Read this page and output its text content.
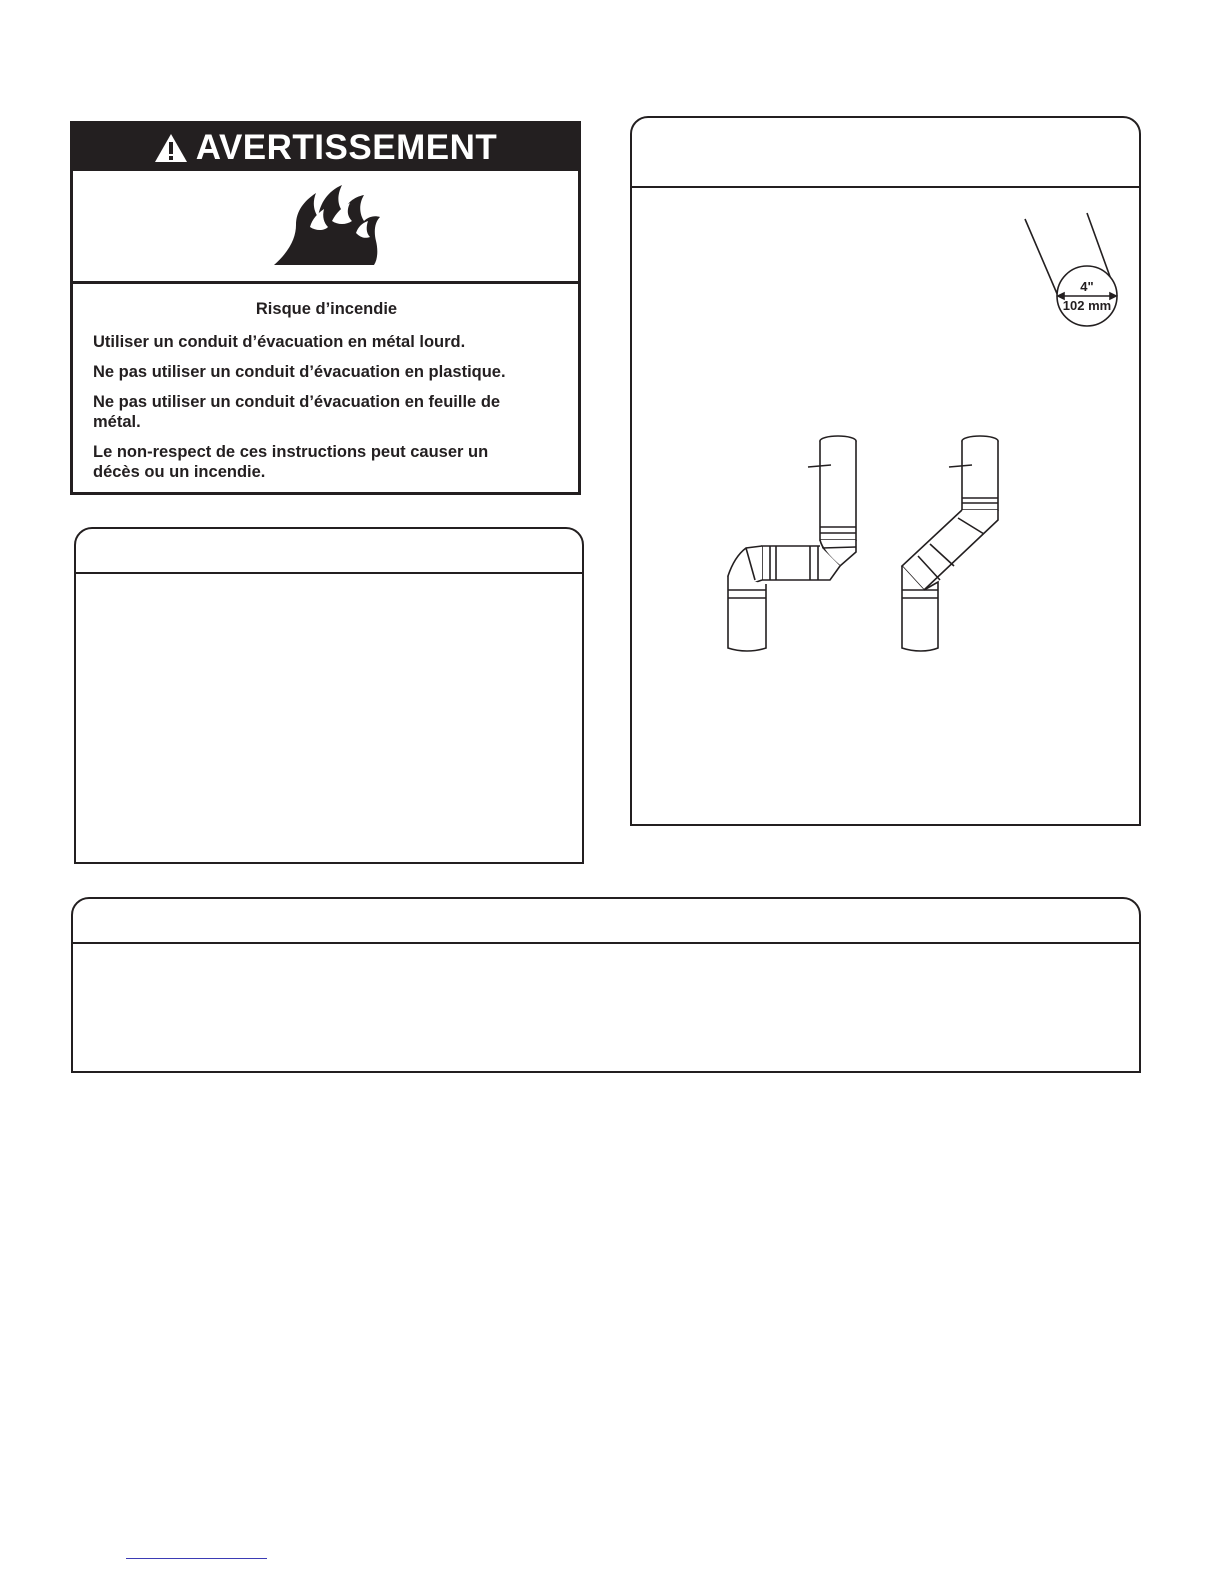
AVERTISSEMENT
Risque d’incendie

Utiliser un conduit d’évacuation en métal lourd.

Ne pas utiliser un conduit d’évacuation en plastique.

Ne pas utiliser un conduit d’évacuation en feuille de métal.

Le non-respect de ces instructions peut causer un décès ou un incendie.

4"
102 mm
